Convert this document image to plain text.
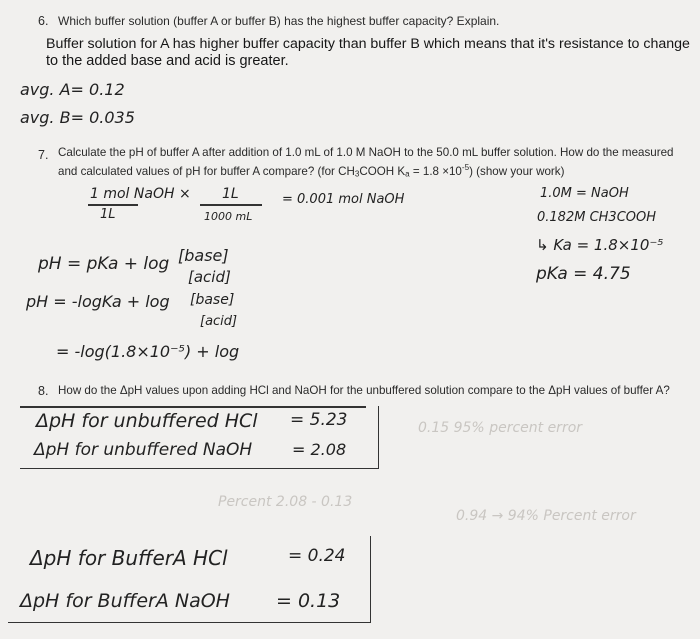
6. Which buffer solution (buffer A or buffer B) has the highest buffer capacity? Explain.
Buffer solution for A has higher buffer capacity than buffer B which means that it's resistance to change
to the added base and acid is greater.
avg. A= 0.12
avg. B= 0.035
7. Calculate the pH of buffer A after addition of 1.0 mL of 1.0 M NaOH to the 50.0 mL buffer solution. How do the measured
and calculated values of pH for buffer A compare? (for $CH_3COOH$ $K_a = 1.8 \times 10^{-5}$) (show your work)
1 mol NaOH ×
1L
1L
1000 mL
= 0.001 mol NaOH	1.0M = NaOH
0.182M CH3COOH
↳ Ka = 1.8×10⁻⁵
pKa = 4.75
pH = pKa + log [base]
[acid]
pH = -logKa + log [base]
[acid]
= -log(1.8×10⁻⁵) + log
8. How do the ΔpH values upon adding HCl and NaOH for the unbuffered solution compare to the ΔpH values of buffer A?
0.15 95% percent error
Percent 2.08 - 0.13
0.94 → 94% Percent error
ΔpH for unbuffered HCl = 5.23
ΔpH for unbuffered NaOH = 2.08
ΔpH for BufferA HCl	= 0.24
ΔpH for BufferA NaOH = 0.13
